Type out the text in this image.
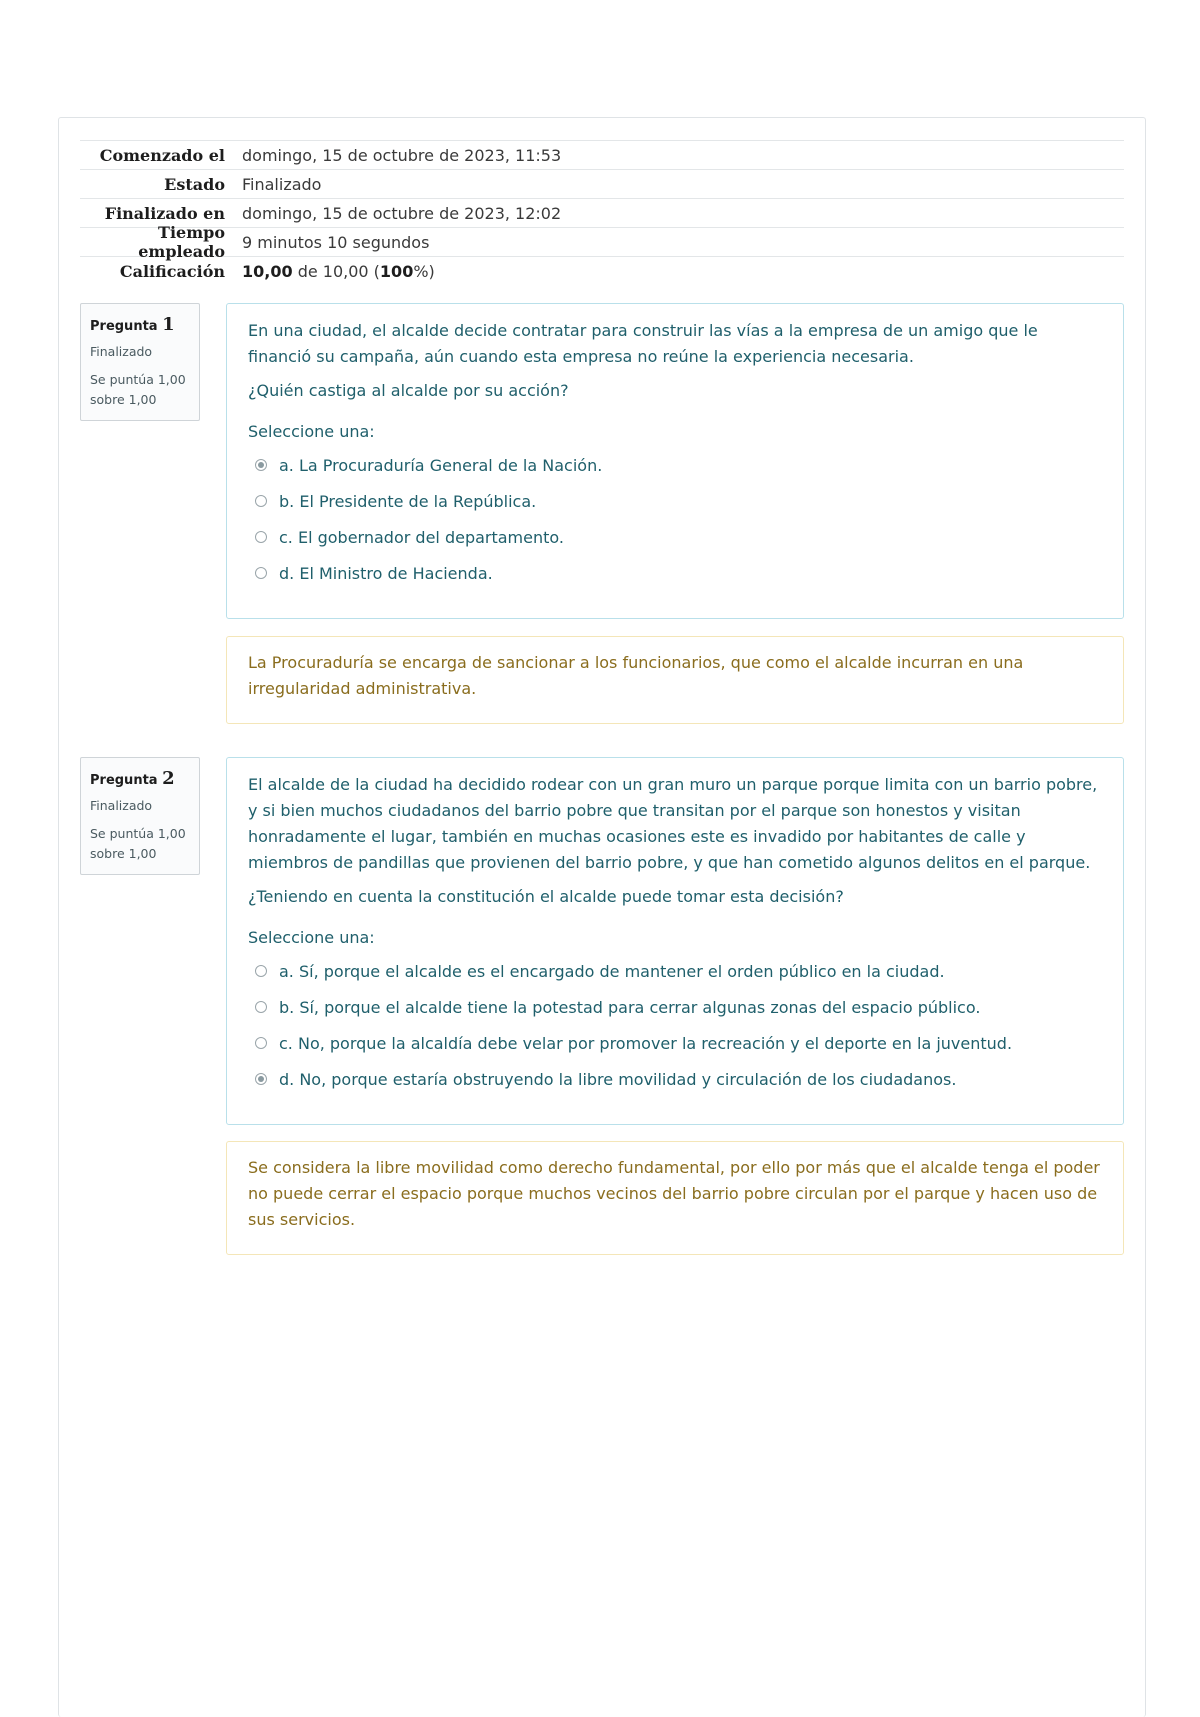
Comenzado el	domingo, 15 de octubre de 2023, 11:53
Estado	Finalizado
Finalizado en	domingo, 15 de octubre de 2023, 12:02
Tiempo empleado	9 minutos 10 segundos
Calificación	10,00 de 10,00 (100%)
Pregunta 1
Finalizado
Se puntúa 1,00
sobre 1,00

En una ciudad, el alcalde decide contratar para construir las vías a la empresa de un amigo que le financió su campaña, aún cuando esta empresa no reúne la experiencia necesaria.

¿Quién castiga al alcalde por su acción?

Seleccione una:
a. La Procuraduría General de la Nación.
b. El Presidente de la República.
c. El gobernador del departamento.
d. El Ministro de Hacienda.

La Procuraduría se encarga de sancionar a los funcionarios, que como el alcalde incurran en una irregularidad administrativa.

Pregunta 2
Finalizado
Se puntúa 1,00
sobre 1,00

El alcalde de la ciudad ha decidido rodear con un gran muro un parque porque limita con un barrio pobre, y si bien muchos ciudadanos del barrio pobre que transitan por el parque son honestos y visitan honradamente el lugar, también en muchas ocasiones este es invadido por habitantes de calle y miembros de pandillas que provienen del barrio pobre, y que han cometido algunos delitos en el parque.

¿Teniendo en cuenta la constitución el alcalde puede tomar esta decisión?

Seleccione una:
a. Sí, porque el alcalde es el encargado de mantener el orden público en la ciudad.
b. Sí, porque el alcalde tiene la potestad para cerrar algunas zonas del espacio público.
c. No, porque la alcaldía debe velar por promover la recreación y el deporte en la juventud.
d. No, porque estaría obstruyendo la libre movilidad y circulación de los ciudadanos.

Se considera la libre movilidad como derecho fundamental, por ello por más que el alcalde tenga el poder no puede cerrar el espacio porque muchos vecinos del barrio pobre circulan por el parque y hacen uso de sus servicios.
